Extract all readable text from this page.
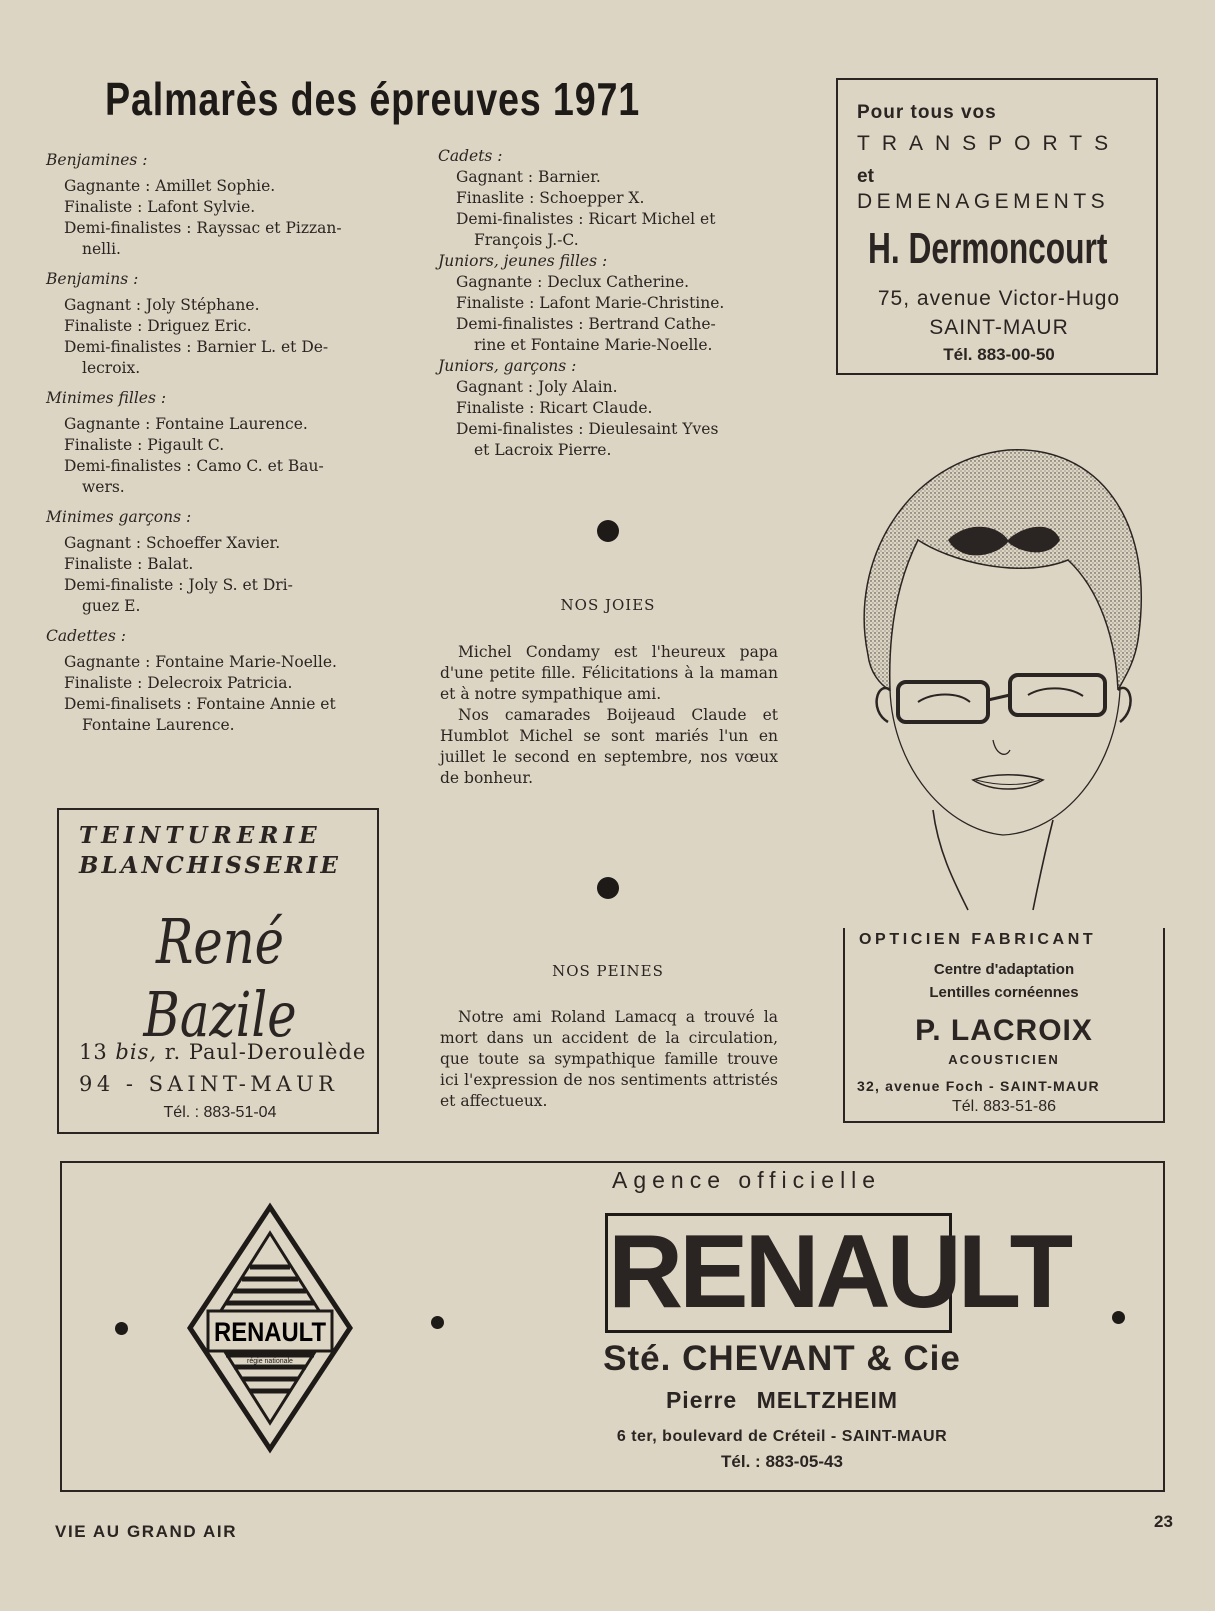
Palmarès des épreuves 1971
Benjamines :
Gagnante : Amillet Sophie.
Finaliste : Lafont Sylvie.
Demi-finalistes : Rayssac et Pizzan-
nelli.
Benjamins :
Gagnant : Joly Stéphane.
Finaliste : Driguez Eric.
Demi-finalistes : Barnier L. et De-
lecroix.
Minimes filles :
Gagnante : Fontaine Laurence.
Finaliste : Pigault C.
Demi-finalistes : Camo C. et Bau-
wers.
Minimes garçons :
Gagnant : Schoeffer Xavier.
Finaliste : Balat.
Demi-finaliste : Joly S. et Dri-
guez E.
Cadettes :
Gagnante : Fontaine Marie-Noelle.
Finaliste : Delecroix Patricia.
Demi-finalisets : Fontaine Annie et
Fontaine Laurence.
Cadets :
Gagnant : Barnier.
Finaslite : Schoepper X.
Demi-finalistes : Ricart Michel et
François J.-C.
Juniors, jeunes filles :
Gagnante : Declux Catherine.
Finaliste : Lafont Marie-Christine.
Demi-finalistes : Bertrand Cathe-
rine et Fontaine Marie-Noelle.
Juniors, garçons :
Gagnant : Joly Alain.
Finaliste : Ricart Claude.
Demi-finalistes : Dieulesaint Yves
et Lacroix Pierre.
NOS JOIES

Michel Condamy est l'heureux papa d'une petite fille. Félicitations à la maman et à notre sympathique ami.

Nos camarades Boijeaud Claude et Humblot Michel se sont mariés l'un en juillet le second en septembre, nos vœux de bonheur.

NOS PEINES

Notre ami Roland Lamacq a trouvé la mort dans un accident de la circulation, que toute sa sympathique famille trouve ici l'expression de nos sentiments attristés et affectueux.

Pour tous vos
TRANSPORTS
et
DEMENAGEMENTS
H. Dermoncourt
75, avenue Victor-Hugo
SAINT-MAUR
Tél. 883-00-50
TEINTURERIE
BLANCHISSERIE
René Bazile
13 bis, r. Paul-Deroulède
94 - SAINT-MAUR
Tél. : 883-51-04
OPTICIEN FABRICANT
Centre d'adaptation
Lentilles cornéennes
P. LACROIX
ACOUSTICIEN
32, avenue Foch - SAINT-MAUR
Tél. 883-51-86
Agence officielle
RENAULT
régie nationale
RENAULT
Sté. CHEVANT & Cie
Pierre MELTZHEIM
6 ter, boulevard de Créteil - SAINT-MAUR
Tél. : 883-05-43
VIE AU GRAND AIR
23
